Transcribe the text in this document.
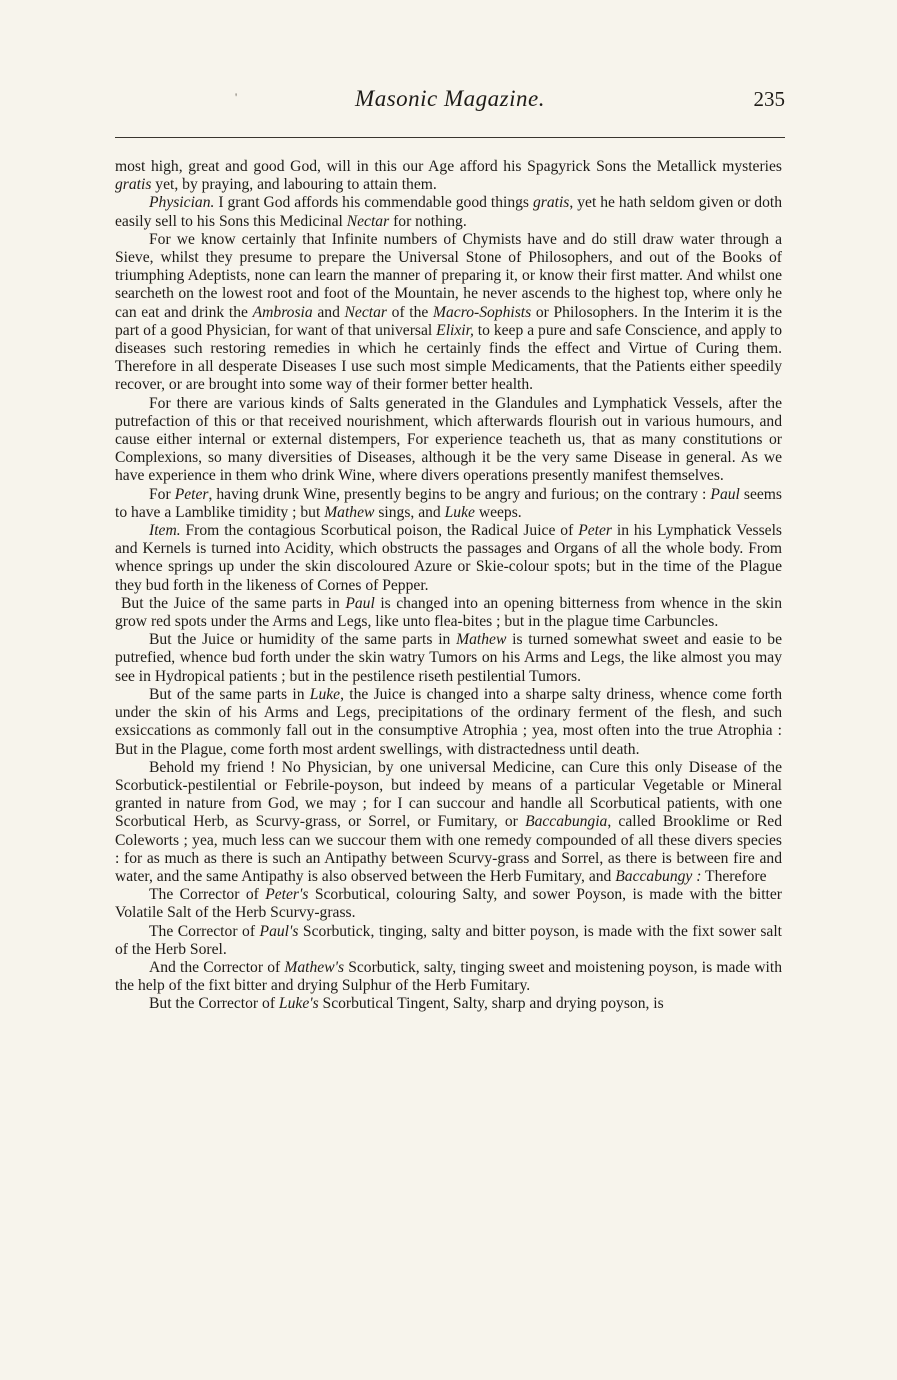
'	Masonic Magazine.	235

most high, great and good God, will in this our Age afford his Spagyrick Sons the Metallick mysteries gratis yet, by praying, and labouring to attain them.

Physician. I grant God affords his commendable good things gratis, yet he hath seldom given or doth easily sell to his Sons this Medicinal Nectar for nothing.

For we know certainly that Infinite numbers of Chymists have and do still draw water through a Sieve, whilst they presume to prepare the Universal Stone of Philosophers, and out of the Books of triumphing Adeptists, none can learn the manner of preparing it, or know their first matter. And whilst one searcheth on the lowest root and foot of the Mountain, he never ascends to the highest top, where only he can eat and drink the Ambrosia and Nectar of the Macro-Sophists or Philosophers. In the Interim it is the part of a good Physician, for want of that universal Elixir, to keep a pure and safe Conscience, and apply to diseases such restoring remedies in which he certainly finds the effect and Virtue of Curing them. Therefore in all desperate Diseases I use such most simple Medicaments, that the Patients either speedily recover, or are brought into some way of their former better health.

For there are various kinds of Salts generated in the Glandules and Lymphatick Vessels, after the putrefaction of this or that received nourishment, which afterwards flourish out in various humours, and cause either internal or external distempers, For experience teacheth us, that as many constitutions or Complexions, so many diversities of Diseases, although it be the very same Disease in general. As we have experience in them who drink Wine, where divers operations presently manifest themselves.

For Peter, having drunk Wine, presently begins to be angry and furious; on the contrary : Paul seems to have a Lamblike timidity ; but Mathew sings, and Luke weeps.

Item. From the contagious Scorbutical poison, the Radical Juice of Peter in his Lymphatick Vessels and Kernels is turned into Acidity, which obstructs the passages and Organs of all the whole body. From whence springs up under the skin discoloured Azure or Skie-colour spots; but in the time of the Plague they bud forth in the likeness of Cornes of Pepper.

But the Juice of the same parts in Paul is changed into an opening bitterness from whence in the skin grow red spots under the Arms and Legs, like unto flea-bites ; but in the plague time Carbuncles.

But the Juice or humidity of the same parts in Mathew is turned somewhat sweet and easie to be putrefied, whence bud forth under the skin watry Tumors on his Arms and Legs, the like almost you may see in Hydropical patients ; but in the pestilence riseth pestilential Tumors.

But of the same parts in Luke, the Juice is changed into a sharpe salty driness, whence come forth under the skin of his Arms and Legs, precipitations of the ordinary ferment of the flesh, and such exsiccations as commonly fall out in the consumptive Atrophia ; yea, most often into the true Atrophia : But in the Plague, come forth most ardent swellings, with distractedness until death.

Behold my friend ! No Physician, by one universal Medicine, can Cure this only Disease of the Scorbutick-pestilential or Febrile-poyson, but indeed by means of a particular Vegetable or Mineral granted in nature from God, we may ; for I can succour and handle all Scorbutical patients, with one Scorbutical Herb, as Scurvy-grass, or Sorrel, or Fumitary, or Baccabungia, called Brooklime or Red Coleworts ; yea, much less can we succour them with one remedy compounded of all these divers species : for as much as there is such an Antipathy between Scurvy-grass and Sorrel, as there is between fire and water, and the same Antipathy is also observed between the Herb Fumitary, and Baccabungy : Therefore

The Corrector of Peter's Scorbutical, colouring Salty, and sower Poyson, is made with the bitter Volatile Salt of the Herb Scurvy-grass.

The Corrector of Paul's Scorbutick, tinging, salty and bitter poyson, is made with the fixt sower salt of the Herb Sorel.

And the Corrector of Mathew's Scorbutick, salty, tinging sweet and moistening poyson, is made with the help of the fixt bitter and drying Sulphur of the Herb Fumitary.

But the Corrector of Luke's Scorbutical Tingent, Salty, sharp and drying poyson, is
